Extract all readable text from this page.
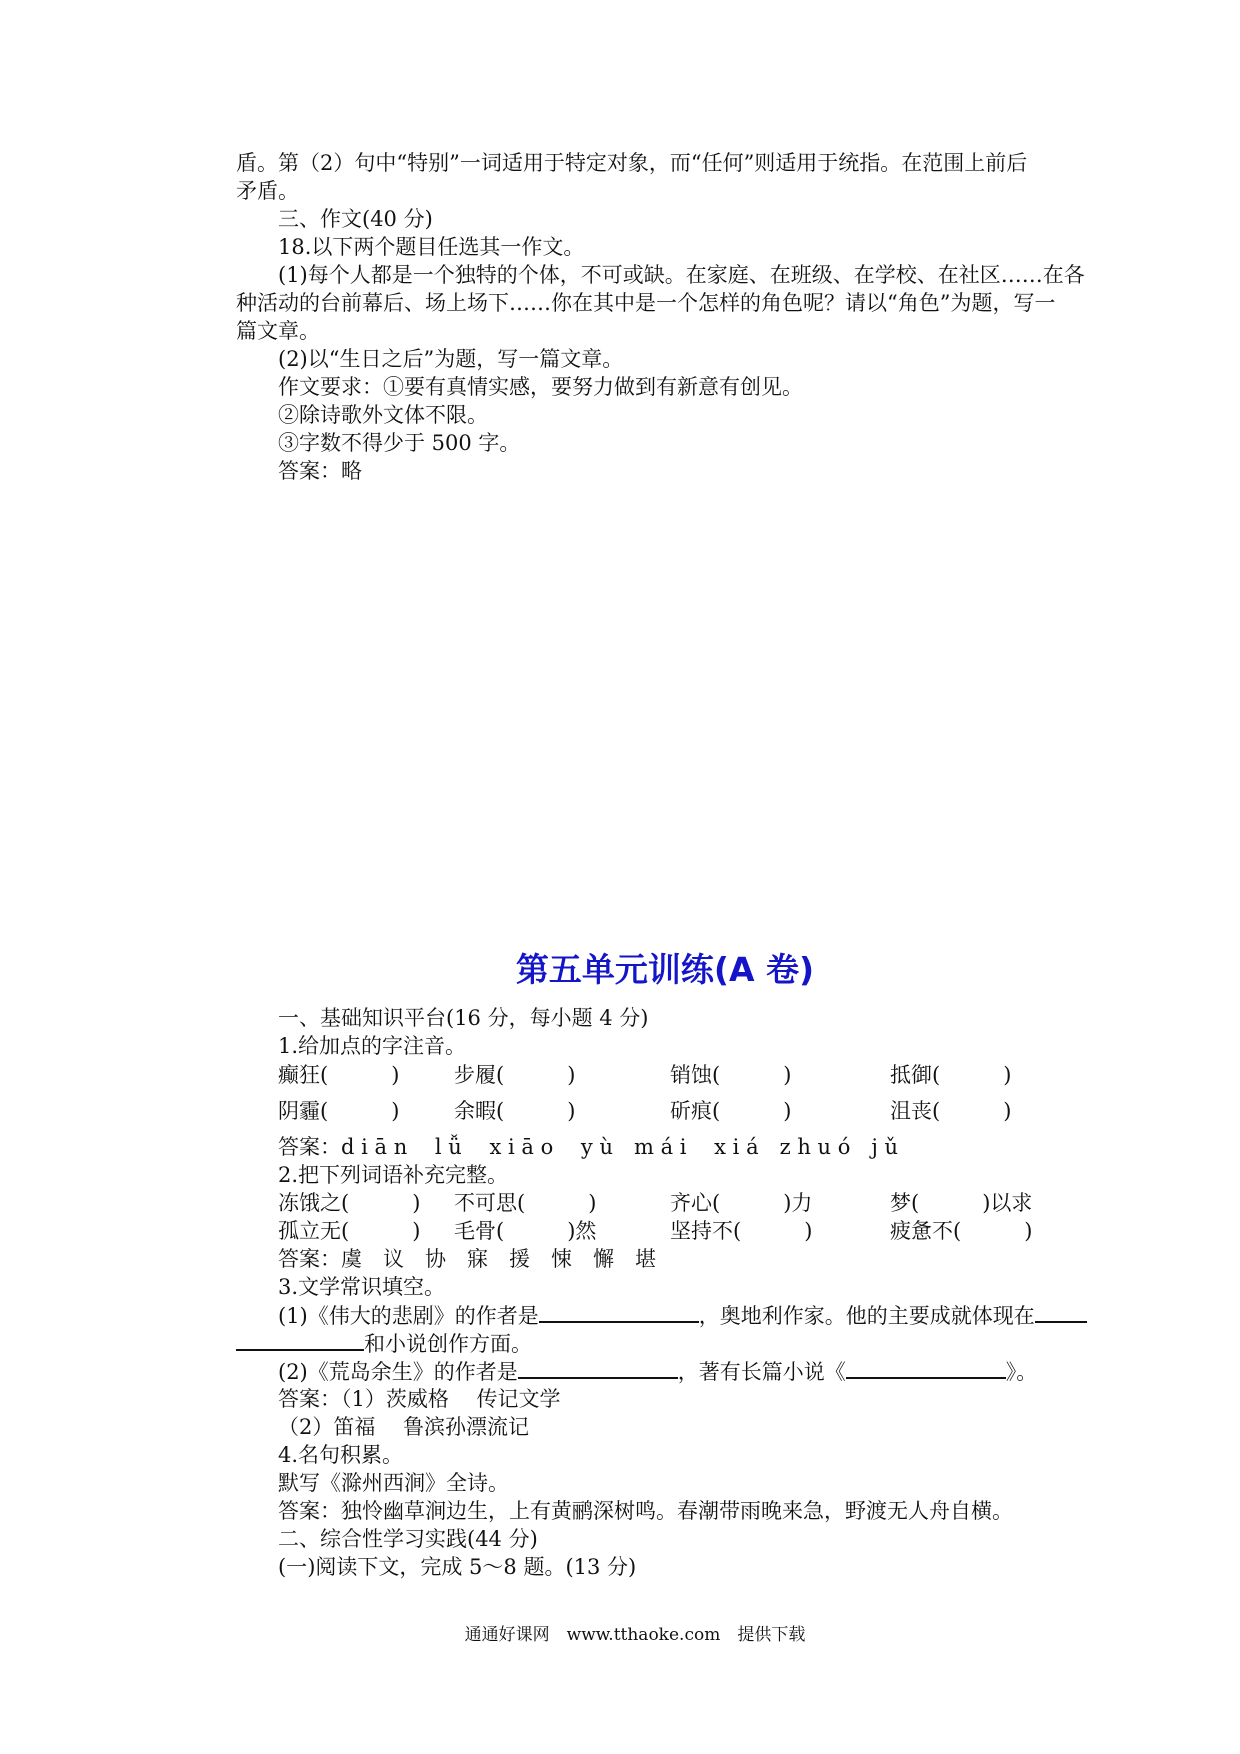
盾。第（2）句中“特别”一词适用于特定对象，而“任何”则适用于统指。在范围上前后
矛盾。
三、作文(40 分)
18.以下两个题目任选其一作文。
(1)每个人都是一个独特的个体，不可或缺。在家庭、在班级、在学校、在社区……在各
种活动的台前幕后、场上场下……你在其中是一个怎样的角色呢？请以“角色”为题，写一
篇文章。
(2)以“生日之后”为题，写一篇文章。
作文要求：①要有真情实感，要努力做到有新意有创见。
②除诗歌外文体不限。
③字数不得少于 500 字。
答案：略
第五单元训练(A 卷)
一、基础知识平台(16 分，每小题 4 分)
1.给加点的字注音。
癫狂(　　　)	步履(　　　)	销蚀(　　　)	抵御(　　　)
阴霾(　　　)	余暇(　　　)	斫痕(　　　)	沮丧(　　　)
答案：d i ā n　 l ǚ　 x i ā o　 y ù　m á i　 x i á　z h u ó　j ǔ
2.把下列词语补充完整。
冻饿之(　　　) 不可思(　　　)	齐心(　　　)力	梦(　　　)以求
孤立无(　　　) 毛骨(　　　)然	坚持不(　　　)	疲惫不(　　　)
答案：虞　议　协　寐　援　悚　懈　堪
3.文学常识填空。
(1)《伟大的悲剧》的作者是	，奥地利作家。他的主要成就体现在
和小说创作方面。
(2)《荒岛余生》的作者是	，著有长篇小说《	》。
答案：（1）茨威格　 传记文学
（2）笛福　 鲁滨孙漂流记
4.名句积累。
默写《滁州西涧》全诗。
答案：独怜幽草涧边生，上有黄鹂深树鸣。春潮带雨晚来急，野渡无人舟自横。
二、综合性学习实践(44 分)
(一)阅读下文，完成 5～8 题。(13 分)
通通好课网　www.tthaoke.com　提供下载
